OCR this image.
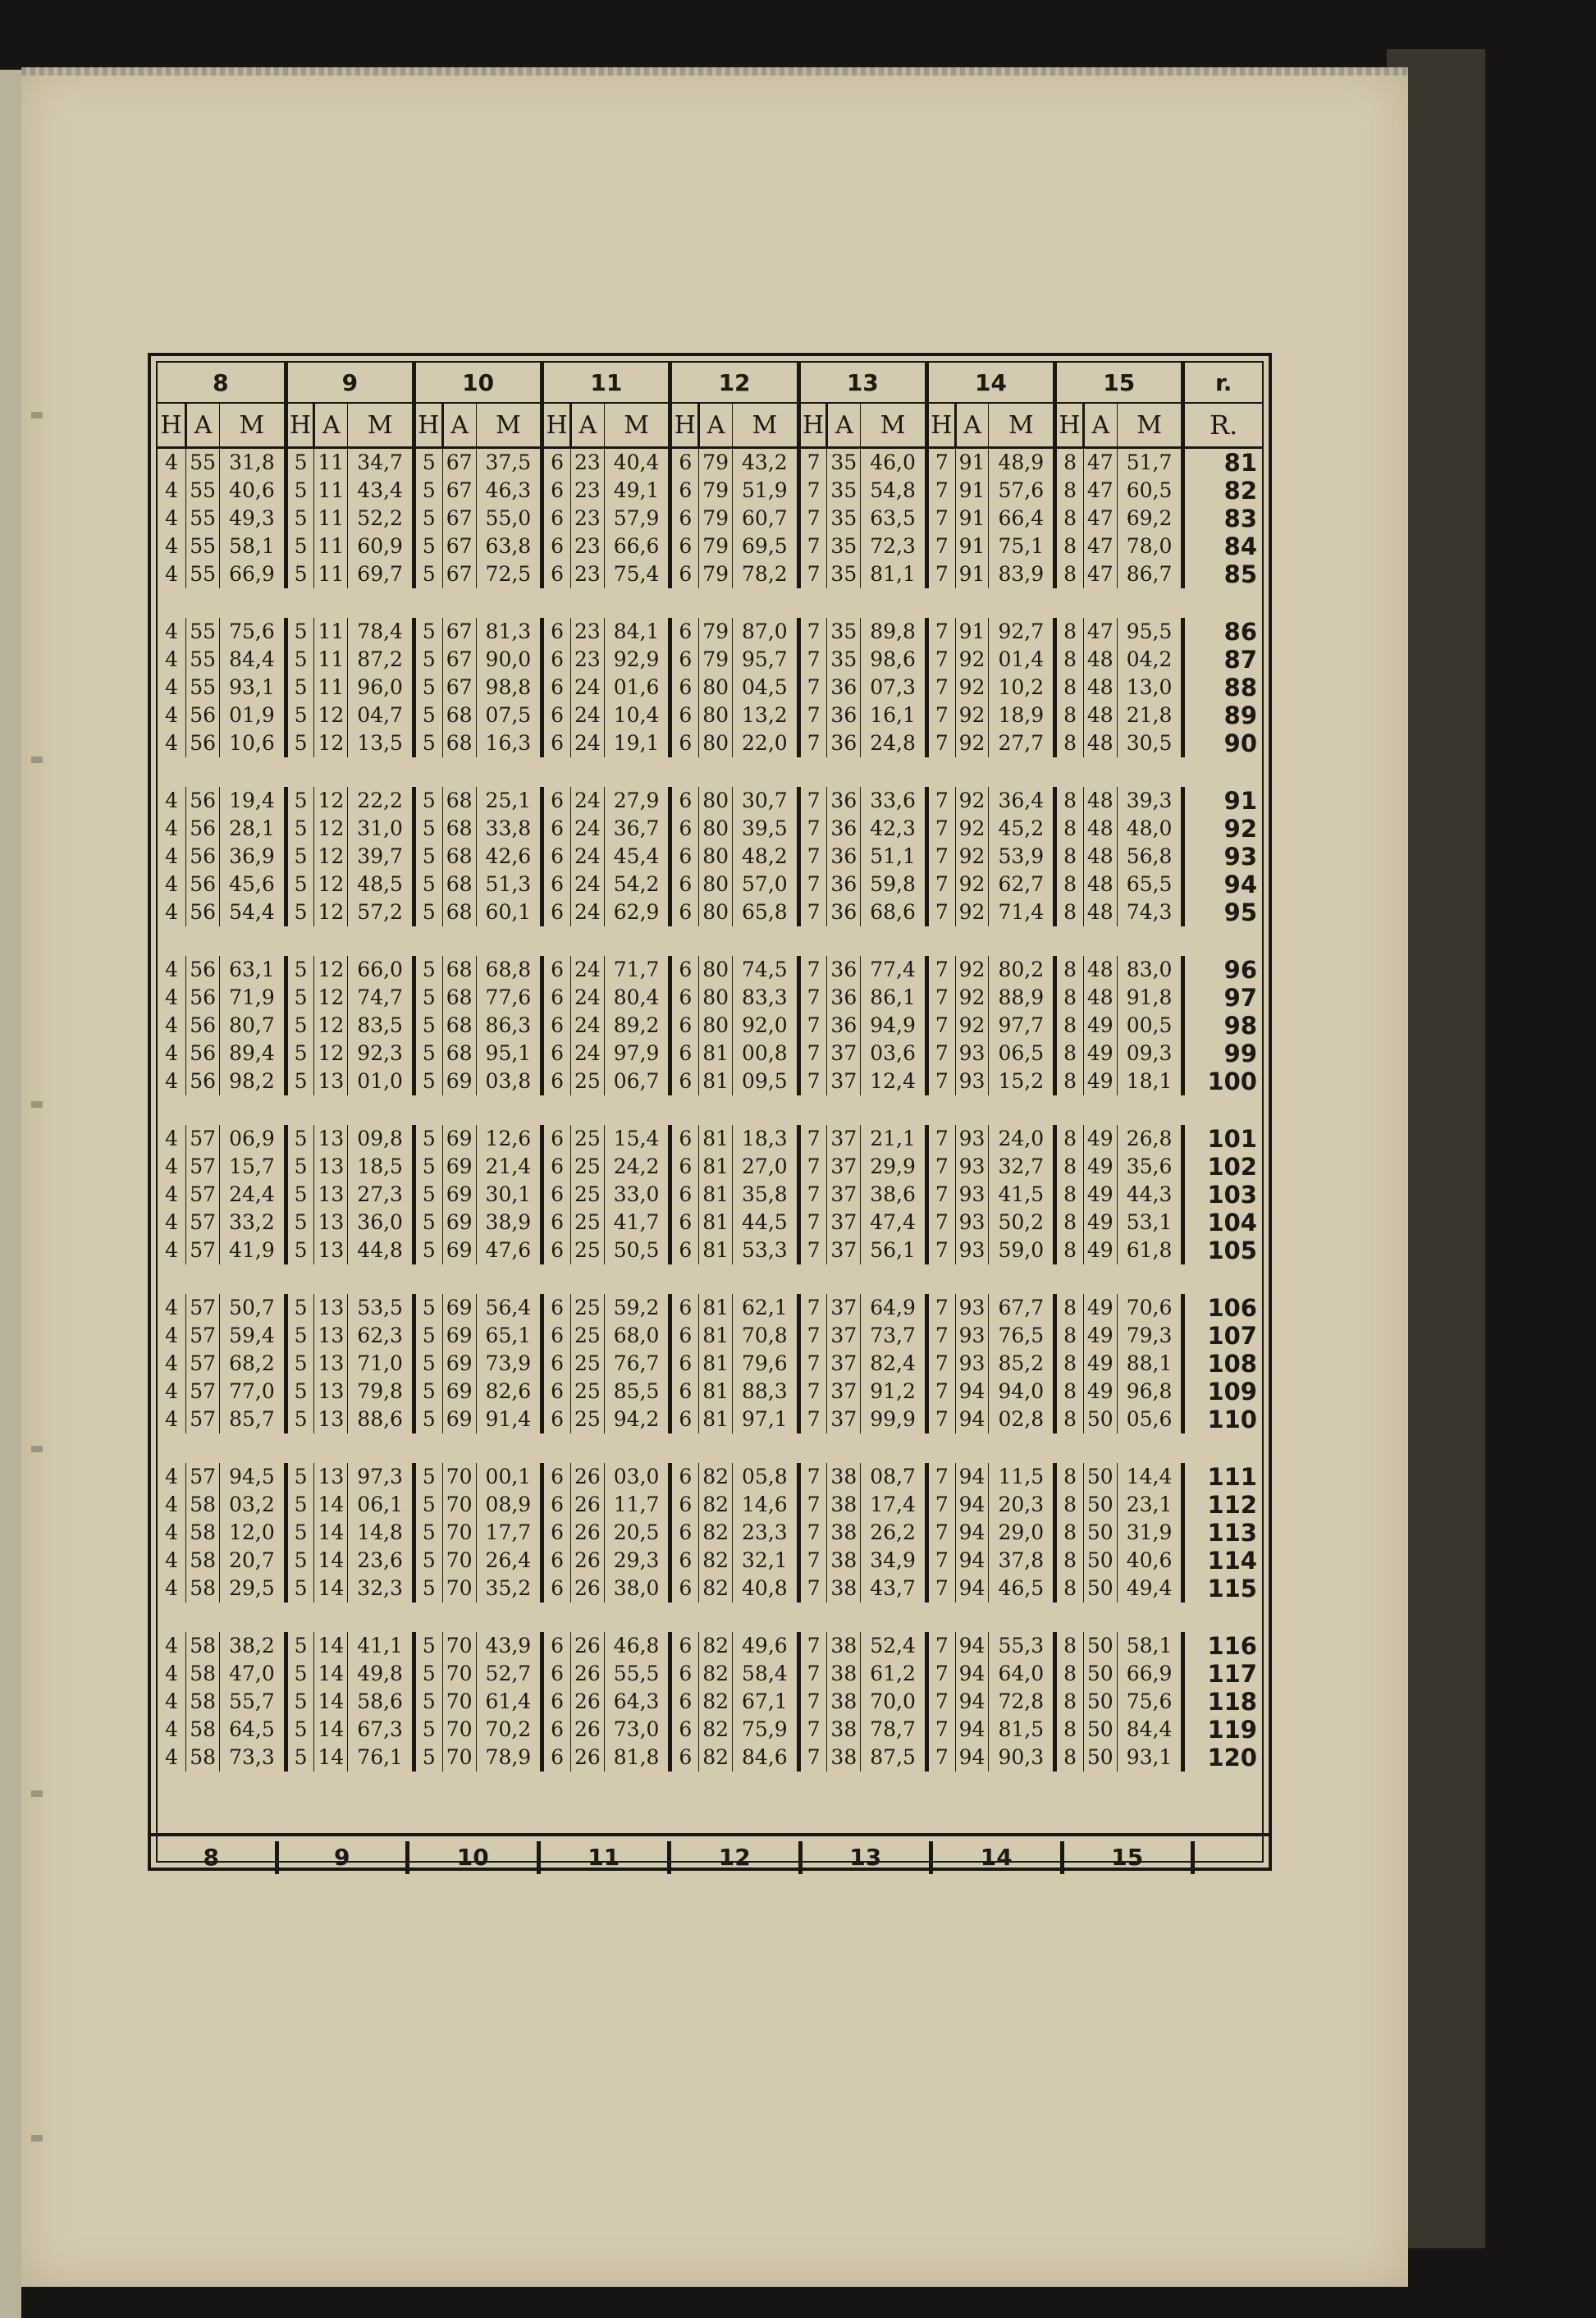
8			9			10			11			12			13			14			15			r.
H	A	M	H	A	M	H	A	M	H	A	M	H	A	M	H	A	M	H	A	M	H	A	M	R.
4	55	31,8	5	11	34,7	5	67	37,5	6	23	40,4	6	79	43,2	7	35	46,0	7	91	48,9	8	47	51,7	81
4	55	40,6	5	11	43,4	5	67	46,3	6	23	49,1	6	79	51,9	7	35	54,8	7	91	57,6	8	47	60,5	82
4	55	49,3	5	11	52,2	5	67	55,0	6	23	57,9	6	79	60,7	7	35	63,5	7	91	66,4	8	47	69,2	83
4	55	58,1	5	11	60,9	5	67	63,8	6	23	66,6	6	79	69,5	7	35	72,3	7	91	75,1	8	47	78,0	84
4	55	66,9	5	11	69,7	5	67	72,5	6	23	75,4	6	79	78,2	7	35	81,1	7	91	83,9	8	47	86,7	85

4	55	75,6	5	11	78,4	5	67	81,3	6	23	84,1	6	79	87,0	7	35	89,8	7	91	92,7	8	47	95,5	86
4	55	84,4	5	11	87,2	5	67	90,0	6	23	92,9	6	79	95,7	7	35	98,6	7	92	01,4	8	48	04,2	87
4	55	93,1	5	11	96,0	5	67	98,8	6	24	01,6	6	80	04,5	7	36	07,3	7	92	10,2	8	48	13,0	88
4	56	01,9	5	12	04,7	5	68	07,5	6	24	10,4	6	80	13,2	7	36	16,1	7	92	18,9	8	48	21,8	89
4	56	10,6	5	12	13,5	5	68	16,3	6	24	19,1	6	80	22,0	7	36	24,8	7	92	27,7	8	48	30,5	90

4	56	19,4	5	12	22,2	5	68	25,1	6	24	27,9	6	80	30,7	7	36	33,6	7	92	36,4	8	48	39,3	91
4	56	28,1	5	12	31,0	5	68	33,8	6	24	36,7	6	80	39,5	7	36	42,3	7	92	45,2	8	48	48,0	92
4	56	36,9	5	12	39,7	5	68	42,6	6	24	45,4	6	80	48,2	7	36	51,1	7	92	53,9	8	48	56,8	93
4	56	45,6	5	12	48,5	5	68	51,3	6	24	54,2	6	80	57,0	7	36	59,8	7	92	62,7	8	48	65,5	94
4	56	54,4	5	12	57,2	5	68	60,1	6	24	62,9	6	80	65,8	7	36	68,6	7	92	71,4	8	48	74,3	95

4	56	63,1	5	12	66,0	5	68	68,8	6	24	71,7	6	80	74,5	7	36	77,4	7	92	80,2	8	48	83,0	96
4	56	71,9	5	12	74,7	5	68	77,6	6	24	80,4	6	80	83,3	7	36	86,1	7	92	88,9	8	48	91,8	97
4	56	80,7	5	12	83,5	5	68	86,3	6	24	89,2	6	80	92,0	7	36	94,9	7	92	97,7	8	49	00,5	98
4	56	89,4	5	12	92,3	5	68	95,1	6	24	97,9	6	81	00,8	7	37	03,6	7	93	06,5	8	49	09,3	99
4	56	98,2	5	13	01,0	5	69	03,8	6	25	06,7	6	81	09,5	7	37	12,4	7	93	15,2	8	49	18,1	100

4	57	06,9	5	13	09,8	5	69	12,6	6	25	15,4	6	81	18,3	7	37	21,1	7	93	24,0	8	49	26,8	101
4	57	15,7	5	13	18,5	5	69	21,4	6	25	24,2	6	81	27,0	7	37	29,9	7	93	32,7	8	49	35,6	102
4	57	24,4	5	13	27,3	5	69	30,1	6	25	33,0	6	81	35,8	7	37	38,6	7	93	41,5	8	49	44,3	103
4	57	33,2	5	13	36,0	5	69	38,9	6	25	41,7	6	81	44,5	7	37	47,4	7	93	50,2	8	49	53,1	104
4	57	41,9	5	13	44,8	5	69	47,6	6	25	50,5	6	81	53,3	7	37	56,1	7	93	59,0	8	49	61,8	105

4	57	50,7	5	13	53,5	5	69	56,4	6	25	59,2	6	81	62,1	7	37	64,9	7	93	67,7	8	49	70,6	106
4	57	59,4	5	13	62,3	5	69	65,1	6	25	68,0	6	81	70,8	7	37	73,7	7	93	76,5	8	49	79,3	107
4	57	68,2	5	13	71,0	5	69	73,9	6	25	76,7	6	81	79,6	7	37	82,4	7	93	85,2	8	49	88,1	108
4	57	77,0	5	13	79,8	5	69	82,6	6	25	85,5	6	81	88,3	7	37	91,2	7	94	94,0	8	49	96,8	109
4	57	85,7	5	13	88,6	5	69	91,4	6	25	94,2	6	81	97,1	7	37	99,9	7	94	02,8	8	50	05,6	110

4	57	94,5	5	13	97,3	5	70	00,1	6	26	03,0	6	82	05,8	7	38	08,7	7	94	11,5	8	50	14,4	111
4	58	03,2	5	14	06,1	5	70	08,9	6	26	11,7	6	82	14,6	7	38	17,4	7	94	20,3	8	50	23,1	112
4	58	12,0	5	14	14,8	5	70	17,7	6	26	20,5	6	82	23,3	7	38	26,2	7	94	29,0	8	50	31,9	113
4	58	20,7	5	14	23,6	5	70	26,4	6	26	29,3	6	82	32,1	7	38	34,9	7	94	37,8	8	50	40,6	114
4	58	29,5	5	14	32,3	5	70	35,2	6	26	38,0	6	82	40,8	7	38	43,7	7	94	46,5	8	50	49,4	115

4	58	38,2	5	14	41,1	5	70	43,9	6	26	46,8	6	82	49,6	7	38	52,4	7	94	55,3	8	50	58,1	116
4	58	47,0	5	14	49,8	5	70	52,7	6	26	55,5	6	82	58,4	7	38	61,2	7	94	64,0	8	50	66,9	117
4	58	55,7	5	14	58,6	5	70	61,4	6	26	64,3	6	82	67,1	7	38	70,0	7	94	72,8	8	50	75,6	118
4	58	64,5	5	14	67,3	5	70	70,2	6	26	73,0	6	82	75,9	7	38	78,7	7	94	81,5	8	50	84,4	119
4	58	73,3	5	14	76,1	5	70	78,9	6	26	81,8	6	82	84,6	7	38	87,5	7	94	90,3	8	50	93,1	120
8	9	10	11	12	13	14	15
